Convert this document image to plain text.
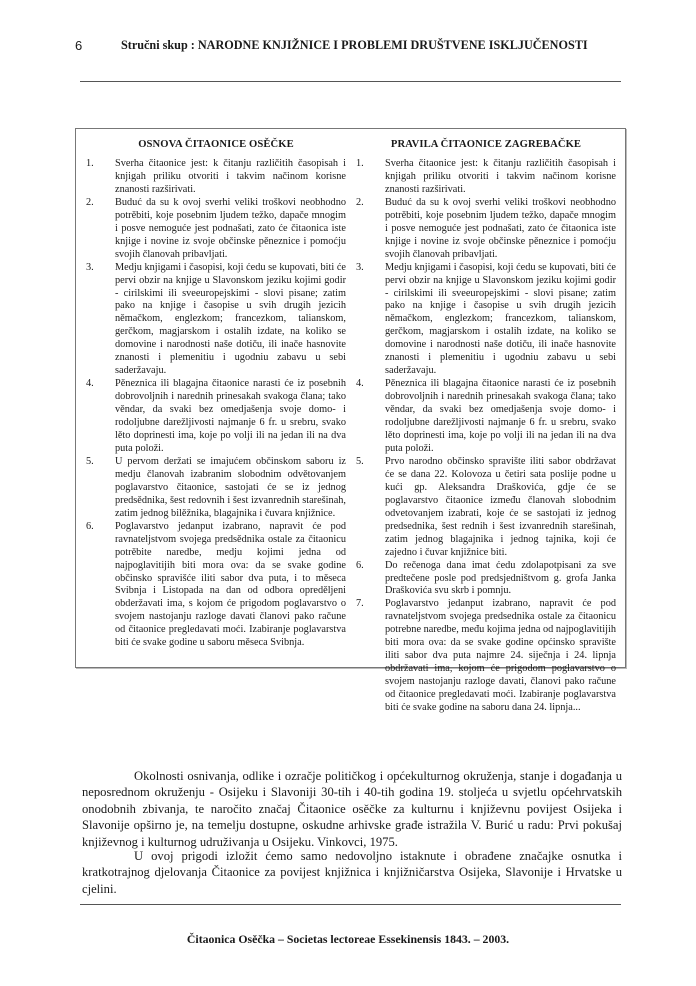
6	Stručni skup : NARODNE KNJIŽNICE I PROBLEMI DRUŠTVENE ISKLJUČENOSTI
OSNOVA ČITAONICE OSĚČKE
1. Sverha čitaonice jest: k čitanju različitih časopisah i knjigah priliku otvoriti i takvim načinom korisne znanosti razširivati.
2. Buduć da su k ovoj sverhi veliki troškovi neobhodno potrěbiti, koje posebnim ljudem težko, dapače mnogim i posve nemoguće jest podnašati, zato će čitaonica iste knjige i novine iz svoje občinske pěneznice i pomoćju svojih članovah pribavljati.
3. Medju knjigami i časopisi, koji ćedu se kupovati, biti će pervi obzir na knjige u Slavonskom jeziku kojimi godir - cirilskimi ili sveeuropejskimi - slovi pisane; zatim pako na knjige i časopise u svih drugih jezicih němačkom, englezkom; francezkom, talianskom, gerčkom, magjarskom i ostalih izdate, na koliko se domovine i narodnosti naše dotiču, ili inače hasnovite znanosti i plemenitiu i ugodniu zabavu u sebi saderžavaju.
4. Pěneznica ili blagajna čitaonice narasti će iz posebnih dobrovoljnih i narednih prinesakah svakoga člana; tako věndar, da svaki bez omedjašenja svoje domo- i rodoljubne darežljivosti najmanje 6 fr. u srebru, svako lěto doprinesti ima, koje po volji ili na jedan ili na dva puta položi.
5. U pervom deržati se imajućem občinskom saboru iz medju članovah izabranim slobodnim odvětovanjem poglavarstvo čitaonice, sastojati će se iz jednog predsědnika, šest redovnih i šest izvanrednih starešinah, zatim jednog bilěžnika, blagajnika i čuvara knjižnice.
6. Poglavarstvo jedanput izabrano, napravit će pod ravnateljstvom svojega predsědnika ostale za čitaonicu potrěbite naredbe, medju kojimi jedna od najpoglavitijih biti mora ova: da se svake godine občinsko spravišće iliti sabor dva puta, i to měseca Svibnja i Listopada na dan od odbora opreděljeni obderžavati ima, s kojom će prigodom poglavarstvo o svojem nastojanju razloge davati članovi pako račune od čitaonice pregledavati moći. Izabiranje poglavarstva biti će svake godine u saboru měseca Svibnja.
PRAVILA ČITAONICE ZAGREBAČKE
1. Sverha čitaonice jest: k čitanju različitih časopisah i knjigah priliku otvoriti i takvim načinom korisne znanosti razširivati.
2. Buduć da su k ovoj sverhi veliki troškovi neobhodno potrěbiti, koje posebnim ljudem težko, dapače mnogim i posve nemoguće jest podnašati, zato će čitaonica iste knjige i novine iz svoje občinske pěneznice i pomoćju svojih članovah pribavljati.
3. Medju knjigami i časopisi, koji ćedu se kupovati, biti će pervi obzir na knjige u Slavonskom jeziku kojimi godir - cirilskimi ili sveeuropejskimi - slovi pisane; zatim pako na knjige i časopise u svih drugih jezicih němačkom, englezkom; francezkom, talianskom, gerčkom, magjarskom i ostalih izdate, na koliko se domovine i narodnosti naše dotiču, ili inače hasnovite znanosti i plemenitiu i ugodniu zabavu u sebi saderžavaju.
4. Pěneznica ili blagajna čitaonice narasti će iz posebnih dobrovoljnih i narednih prinesakah svakoga člana; tako věndar, da svaki bez omedjašenja svoje domo- i rodoljubne darežljivosti najmanje 6 fr. u srebru, svako lěto doprinesti ima, koje po volji ili na jedan ili na dva puta položi.
5. Prvo narodno občinsko spravište iliti sabor obdržavat će se dana 22. Kolovoza u četiri sata poslije podne u kući gp. Aleksandra Draškovića, gdje će se poglavarstvo čitaonice između članovah slobodnim odvetovanjem izabrati, koje će se sastojati iz jednog predsednika, šest rednih i šest izvanrednih starešinah, zatim jednog blagajnika i jednog tajnika, koji će zajedno i čuvar knjižnice biti.
6. Do rečenoga dana imat ćedu zdolapotpisani za sve predtečene posle pod predsjedništvom g. grofa Janka Draškovića svu skrb i pomnju.
7. Poglavarstvo jedanput izabrano, napravit će pod ravnateljstvom svojega predsednika ostale za čitaonicu potrebne naredbe, među kojima jedna od najpoglavitijih biti mora ova: da se svake godine općinsko spravište iliti sabor dva puta najmre 24. siječnja i 24. lipnja obdržavati ima, kojom će prigodom poglavarstvo o svojem nastojanju razloge davati, članovi pako račune od čitaonice pregledavati moći. Izabiranje poglavarstva biti će svake godine na saboru dana 24. lipnja...

Okolnosti osnivanja, odlike i ozračje političkog i općekulturnog okruženja, stanje i događanja u neposrednom okruženju - Osijeku i Slavoniji 30-tih i 40-tih godina 19. stoljeća u svjetlu općehrvatskih onodobnih zbivanja, te naročito značaj Čitaonice osěčke za kulturnu i književnu povijest Osijeka i Slavonije opširno je, na temelju dostupne, oskudne arhivske građe istražila V. Burić u radu: Prvi pokušaj književnog i kulturnog udruživanja u Osijeku. Vinkovci, 1975.

U ovoj prigodi izložit ćemo samo nedovoljno istaknute i obrađene značajke osnutka i kratkotrajnog djelovanja Čitaonice za povijest knjižnica i knjižničarstva Osijeka, Slavonije i Hrvatske u cjelini.

Čitaonica Osěčka – Societas lectoreae Essekinensis 1843. – 2003.
